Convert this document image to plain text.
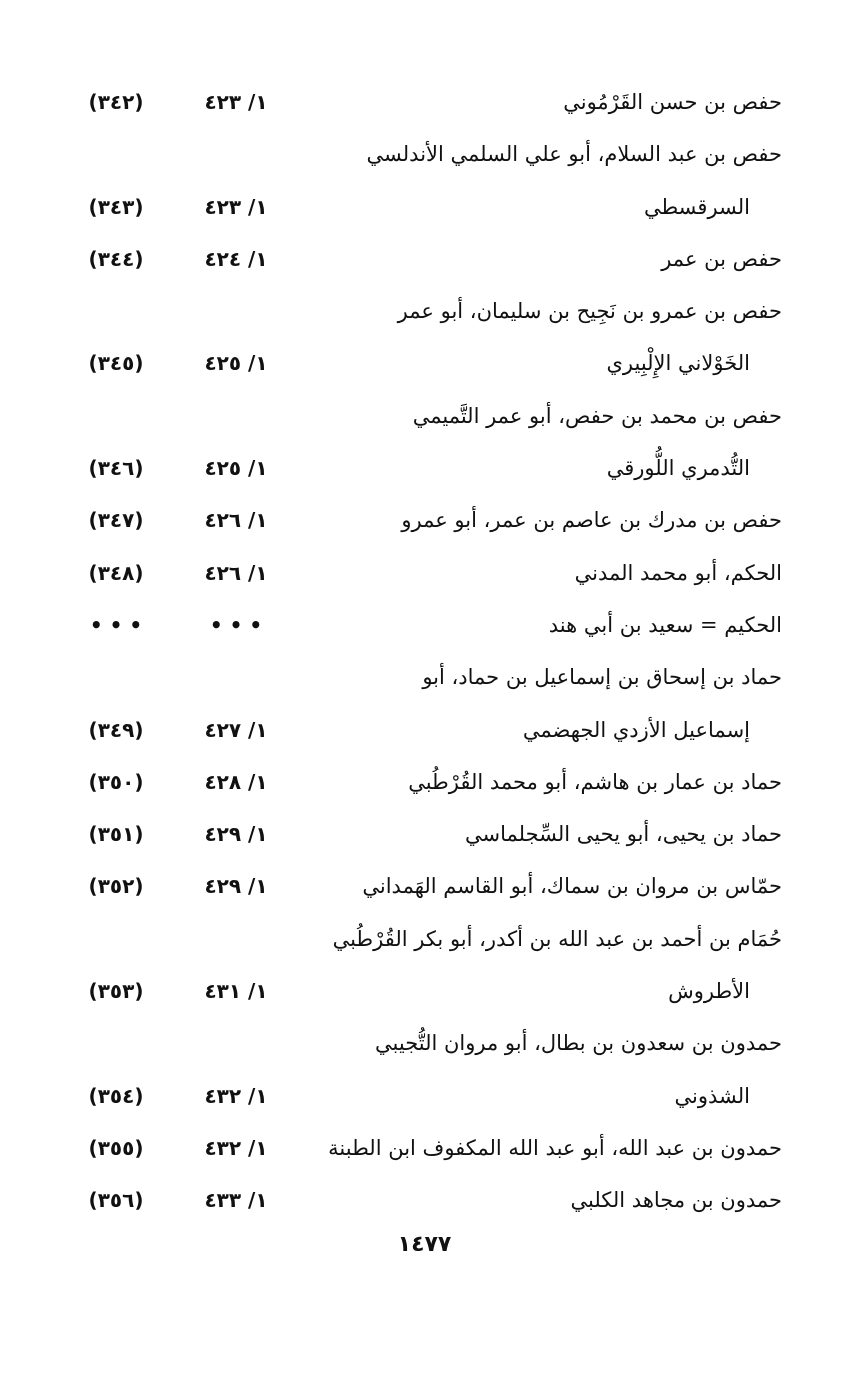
حفص بن حسن القَرْمُوني
١/ ٤٢٣
(٣٤٢)
حفص بن عبد السلام، أبو علي السلمي الأندلسي
السرقسطي
١/ ٤٢٣
(٣٤٣)
حفص بن عمر
١/ ٤٢٤
(٣٤٤)
حفص بن عمرو بن نَجِيح بن سليمان، أبو عمر
الخَوْلاني الإِلْبِيري
١/ ٤٢٥
(٣٤٥)
حفص بن محمد بن حفص، أبو عمر التَّميمي
التُّدمري اللُّورقي
١/ ٤٢٥
(٣٤٦)
حفص بن مدرك بن عاصم بن عمر، أبو عمرو
١/ ٤٢٦
(٣٤٧)
الحكم، أبو محمد المدني
١/ ٤٢٦
(٣٤٨)
الحكيم = سعيد بن أبي هند
• • •
• • •
حماد بن إسحاق بن إسماعيل بن حماد، أبو
إسماعيل الأزدي الجهضمي
١/ ٤٢٧
(٣٤٩)
حماد بن عمار بن هاشم، أبو محمد القُرْطُبي
١/ ٤٢٨
(٣٥٠)
حماد بن يحيى، أبو يحيى السِّجلماسي
١/ ٤٢٩
(٣٥١)
حمّاس بن مروان بن سماك، أبو القاسم الهَمداني
١/ ٤٢٩
(٣٥٢)
حُمَام بن أحمد بن عبد الله بن أكدر، أبو بكر القُرْطُبي
الأطروش
١/ ٤٣١
(٣٥٣)
حمدون بن سعدون بن بطال، أبو مروان التُّجيبي
الشذوني
١/ ٤٣٢
(٣٥٤)
حمدون بن عبد الله، أبو عبد الله المكفوف ابن الطبنة
١/ ٤٣٢
(٣٥٥)
حمدون بن مجاهد الكلبي
١/ ٤٣٣
(٣٥٦)
١٤٧٧
